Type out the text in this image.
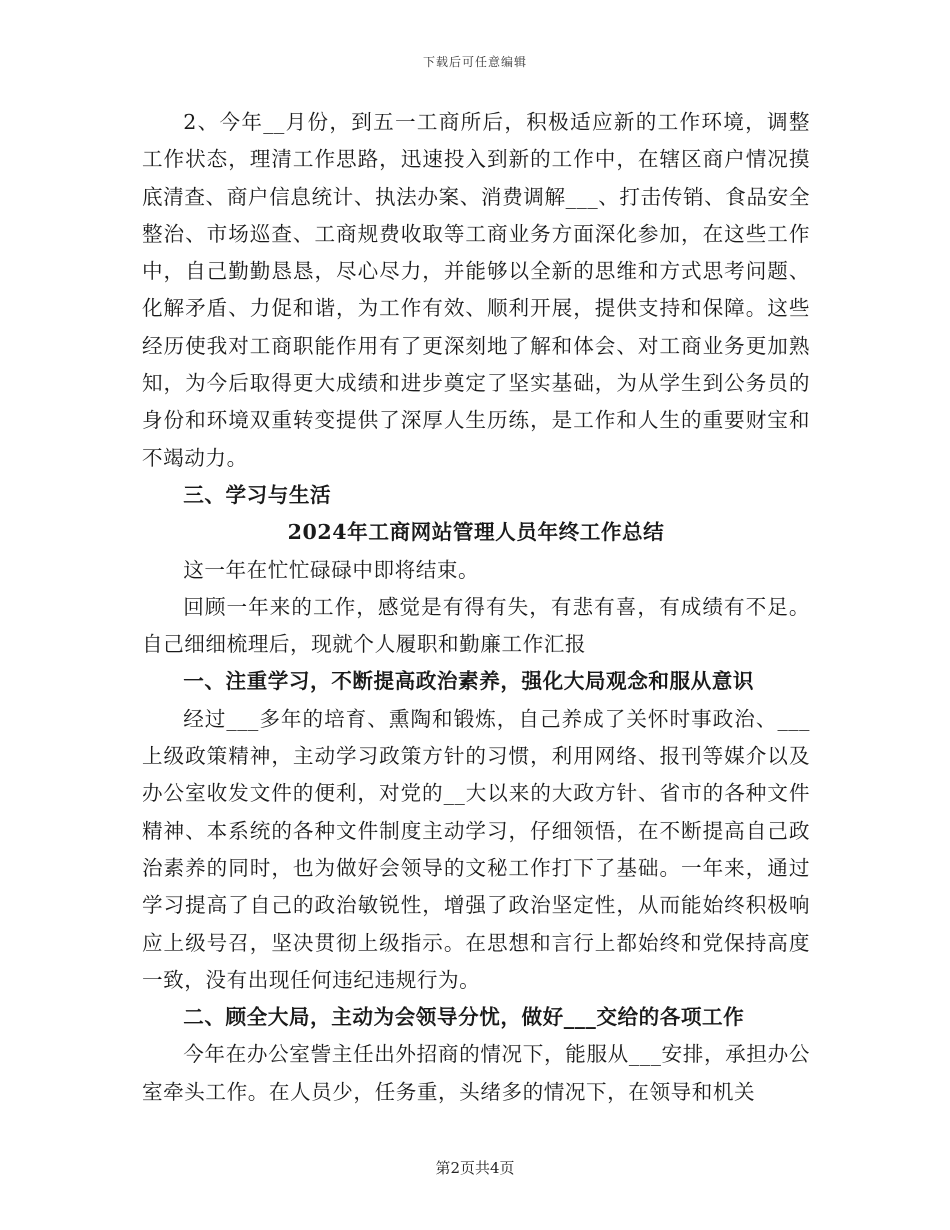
下载后可任意编辑

2、今年__月份，到五一工商所后，积极适应新的工作环境，调整工作状态，理清工作思路，迅速投入到新的工作中，在辖区商户情况摸底清查、商户信息统计、执法办案、消费调解___、打击传销、食品安全整治、市场巡查、工商规费收取等工商业务方面深化参加，在这些工作中，自己勤勤恳恳，尽心尽力，并能够以全新的思维和方式思考问题、化解矛盾、力促和谐，为工作有效、顺利开展，提供支持和保障。这些经历使我对工商职能作用有了更深刻地了解和体会、对工商业务更加熟知，为今后取得更大成绩和进步奠定了坚实基础，为从学生到公务员的身份和环境双重转变提供了深厚人生历练，是工作和人生的重要财宝和不竭动力。

三、学习与生活

2024年工商网站管理人员年终工作总结

这一年在忙忙碌碌中即将结束。

回顾一年来的工作，感觉是有得有失，有悲有喜，有成绩有不足。自己细细梳理后，现就个人履职和勤廉工作汇报

一、注重学习，不断提高政治素养，强化大局观念和服从意识

经过___多年的培育、熏陶和锻炼，自己养成了关怀时事政治、___上级政策精神，主动学习政策方针的习惯，利用网络、报刊等媒介以及办公室收发文件的便利，对党的__大以来的大政方针、省市的各种文件精神、本系统的各种文件制度主动学习，仔细领悟，在不断提高自己政治素养的同时，也为做好会领导的文秘工作打下了基础。一年来，通过学习提高了自己的政治敏锐性，增强了政治坚定性，从而能始终积极响应上级号召，坚决贯彻上级指示。在思想和言行上都始终和党保持高度一致，没有出现任何违纪违规行为。

二、顾全大局，主动为会领导分忧，做好___交给的各项工作

今年在办公室訾主任出外招商的情况下，能服从___安排，承担办公室牵头工作。在人员少，任务重，头绪多的情况下，在领导和机关

第2页共4页
